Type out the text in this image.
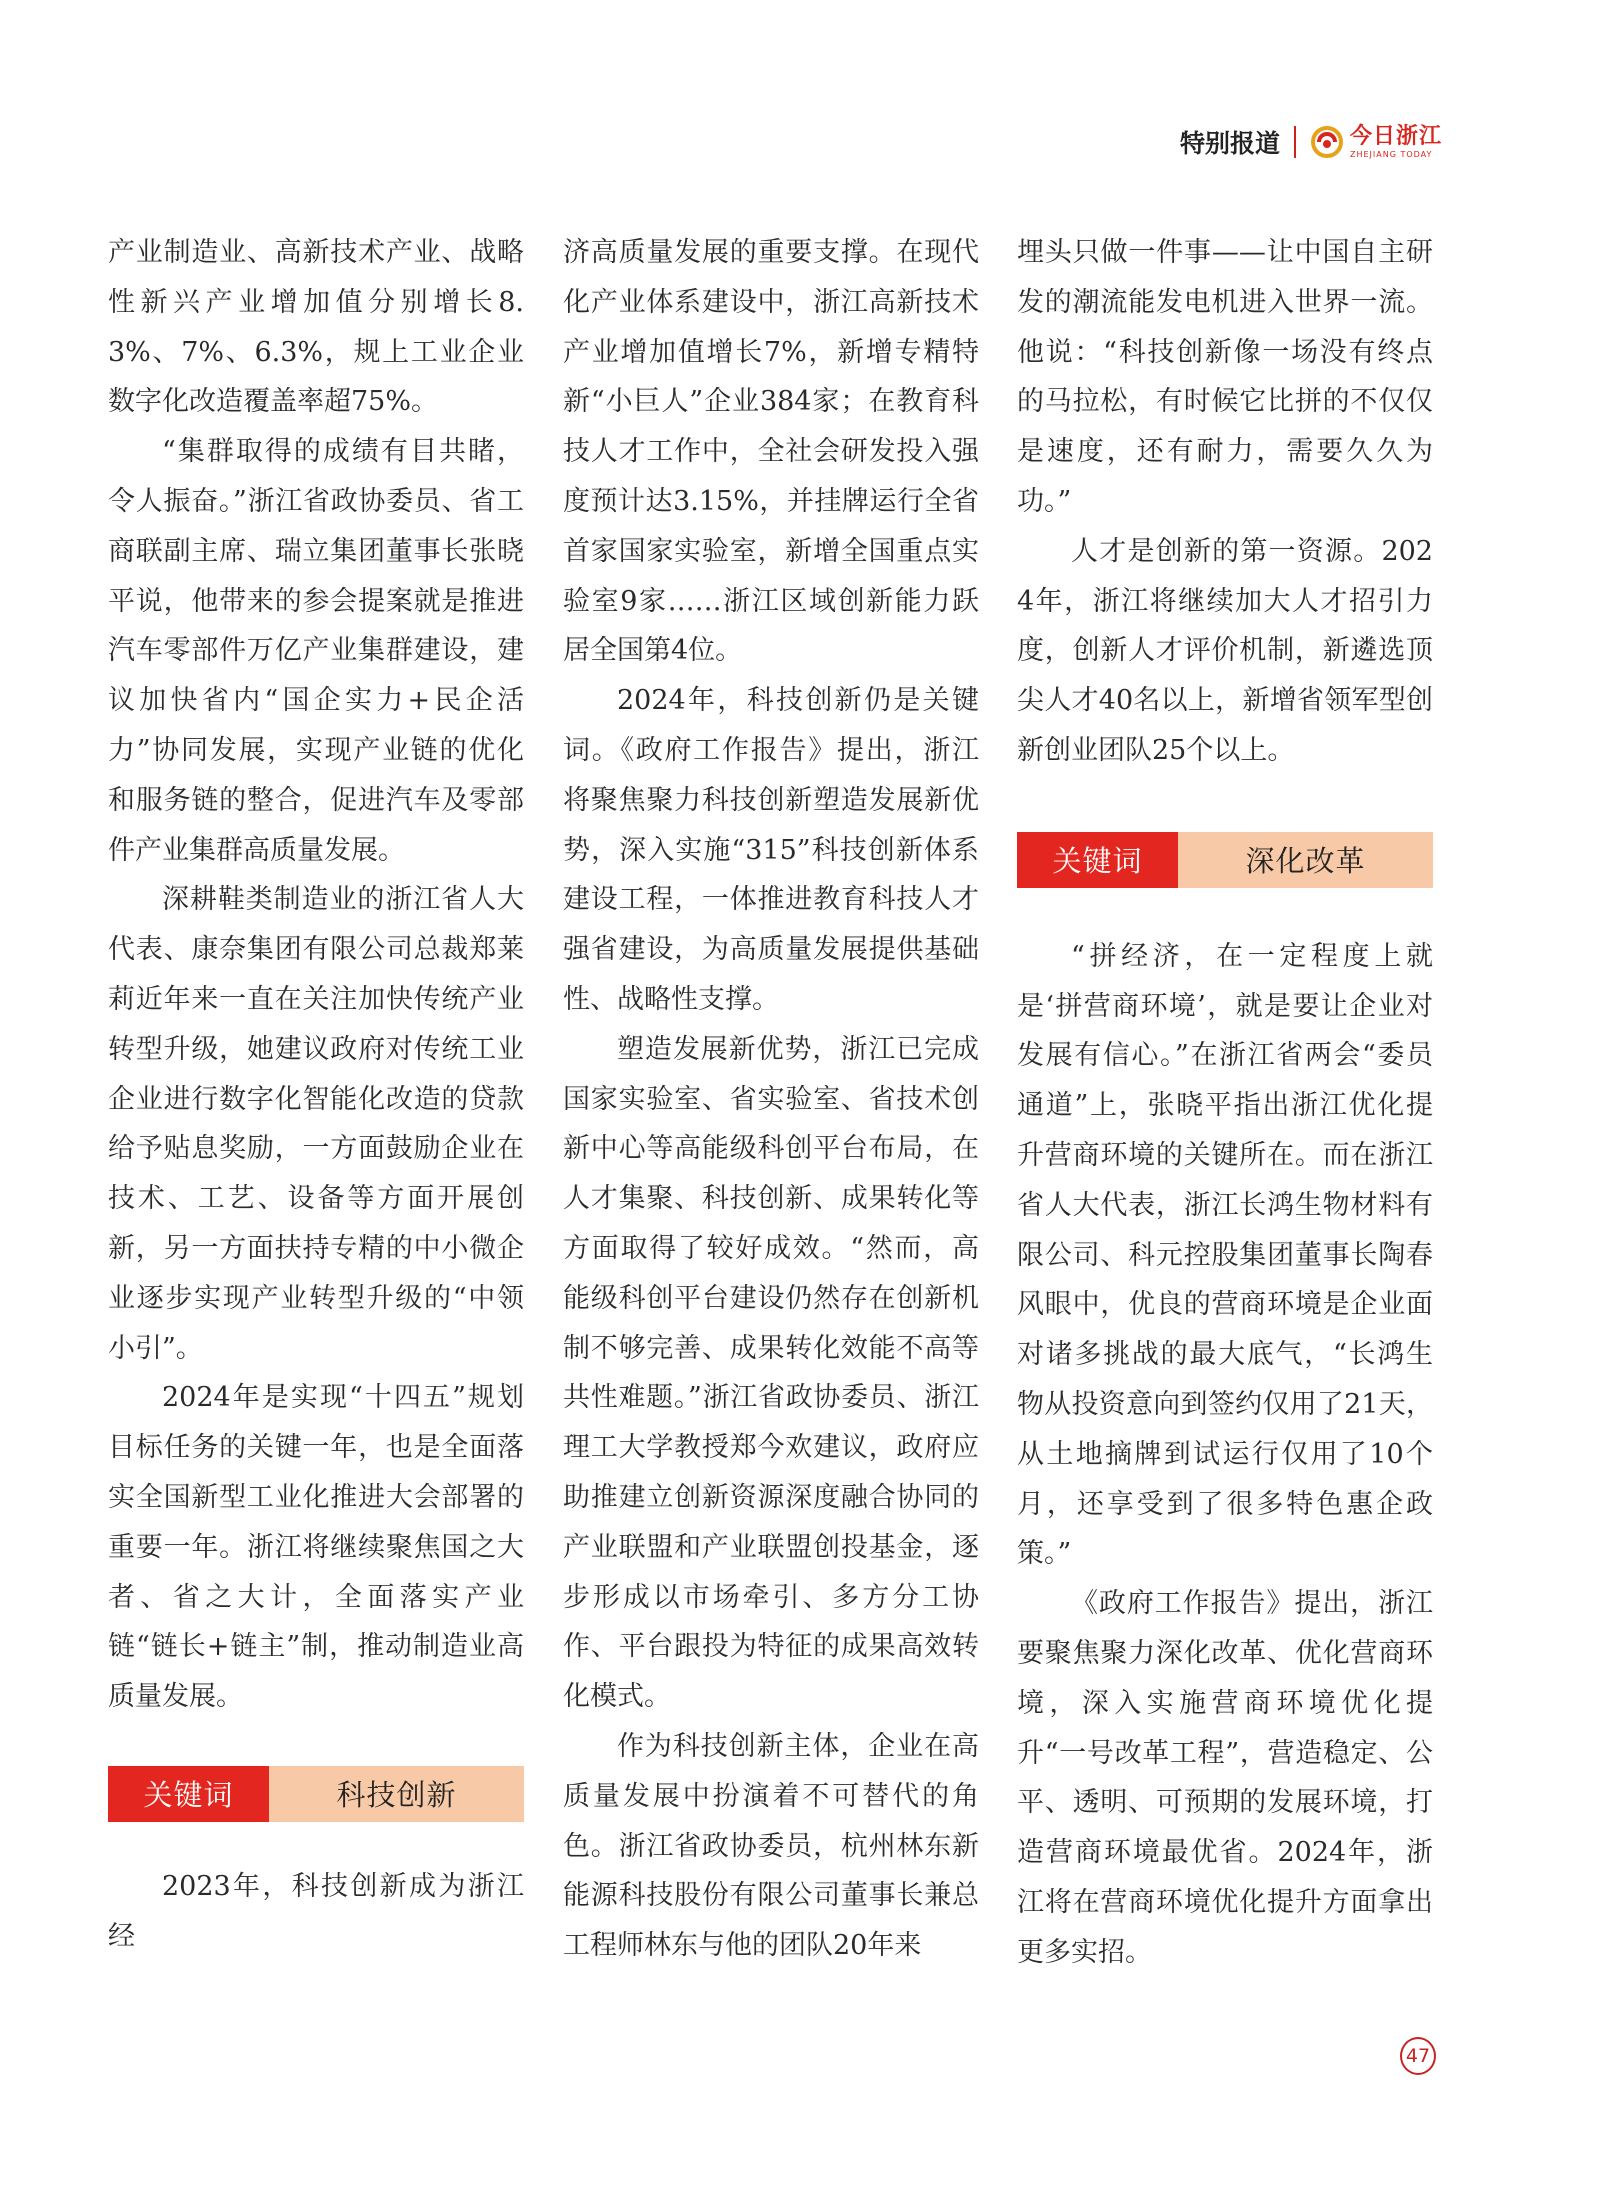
特别报道	今日浙江
ZHEJIANG TODAY

产业制造业、高新技术产业、战略性新兴产业增加值分别增长8.3%、7%、6.3%，规上工业企业数字化改造覆盖率超75%。

“集群取得的成绩有目共睹，令人振奋。”浙江省政协委员、省工商联副主席、瑞立集团董事长张晓平说，他带来的参会提案就是推进汽车零部件万亿产业集群建设，建议加快省内“国企实力+民企活力”协同发展，实现产业链的优化和服务链的整合，促进汽车及零部件产业集群高质量发展。

深耕鞋类制造业的浙江省人大代表、康奈集团有限公司总裁郑莱莉近年来一直在关注加快传统产业转型升级，她建议政府对传统工业企业进行数字化智能化改造的贷款给予贴息奖励，一方面鼓励企业在技术、工艺、设备等方面开展创新，另一方面扶持专精的中小微企业逐步实现产业转型升级的“中领小引”。

2024年是实现“十四五”规划目标任务的关键一年，也是全面落实全国新型工业化推进大会部署的重要一年。浙江将继续聚焦国之大者、省之大计，全面落实产业链“链长+链主”制，推动制造业高质量发展。

关键词	科技创新

2023年，科技创新成为浙江经

济高质量发展的重要支撑。在现代化产业体系建设中，浙江高新技术产业增加值增长7%，新增专精特新“小巨人”企业384家；在教育科技人才工作中，全社会研发投入强度预计达3.15%，并挂牌运行全省首家国家实验室，新增全国重点实验室9家……浙江区域创新能力跃居全国第4位。

2024年，科技创新仍是关键词。《政府工作报告》提出，浙江将聚焦聚力科技创新塑造发展新优势，深入实施“315”科技创新体系建设工程，一体推进教育科技人才强省建设，为高质量发展提供基础性、战略性支撑。

塑造发展新优势，浙江已完成国家实验室、省实验室、省技术创新中心等高能级科创平台布局，在人才集聚、科技创新、成果转化等方面取得了较好成效。“然而，高能级科创平台建设仍然存在创新机制不够完善、成果转化效能不高等共性难题。”浙江省政协委员、浙江理工大学教授郑今欢建议，政府应助推建立创新资源深度融合协同的产业联盟和产业联盟创投基金，逐步形成以市场牵引、多方分工协作、平台跟投为特征的成果高效转化模式。

作为科技创新主体，企业在高质量发展中扮演着不可替代的角色。浙江省政协委员，杭州林东新能源科技股份有限公司董事长兼总工程师林东与他的团队20年来

埋头只做一件事——让中国自主研发的潮流能发电机进入世界一流。他说：“科技创新像一场没有终点的马拉松，有时候它比拼的不仅仅是速度，还有耐力，需要久久为功。”

人才是创新的第一资源。2024年，浙江将继续加大人才招引力度，创新人才评价机制，新遴选顶尖人才40名以上，新增省领军型创新创业团队25个以上。

关键词	深化改革

“拼经济，在一定程度上就是‘拼营商环境’，就是要让企业对发展有信心。”在浙江省两会“委员通道”上，张晓平指出浙江优化提升营商环境的关键所在。而在浙江省人大代表，浙江长鸿生物材料有限公司、科元控股集团董事长陶春风眼中，优良的营商环境是企业面对诸多挑战的最大底气，“长鸿生物从投资意向到签约仅用了21天，从土地摘牌到试运行仅用了10个月，还享受到了很多特色惠企政策。”

《政府工作报告》提出，浙江要聚焦聚力深化改革、优化营商环境，深入实施营商环境优化提升“一号改革工程”，营造稳定、公平、透明、可预期的发展环境，打造营商环境最优省。2024年，浙江将在营商环境优化提升方面拿出更多实招。

47
